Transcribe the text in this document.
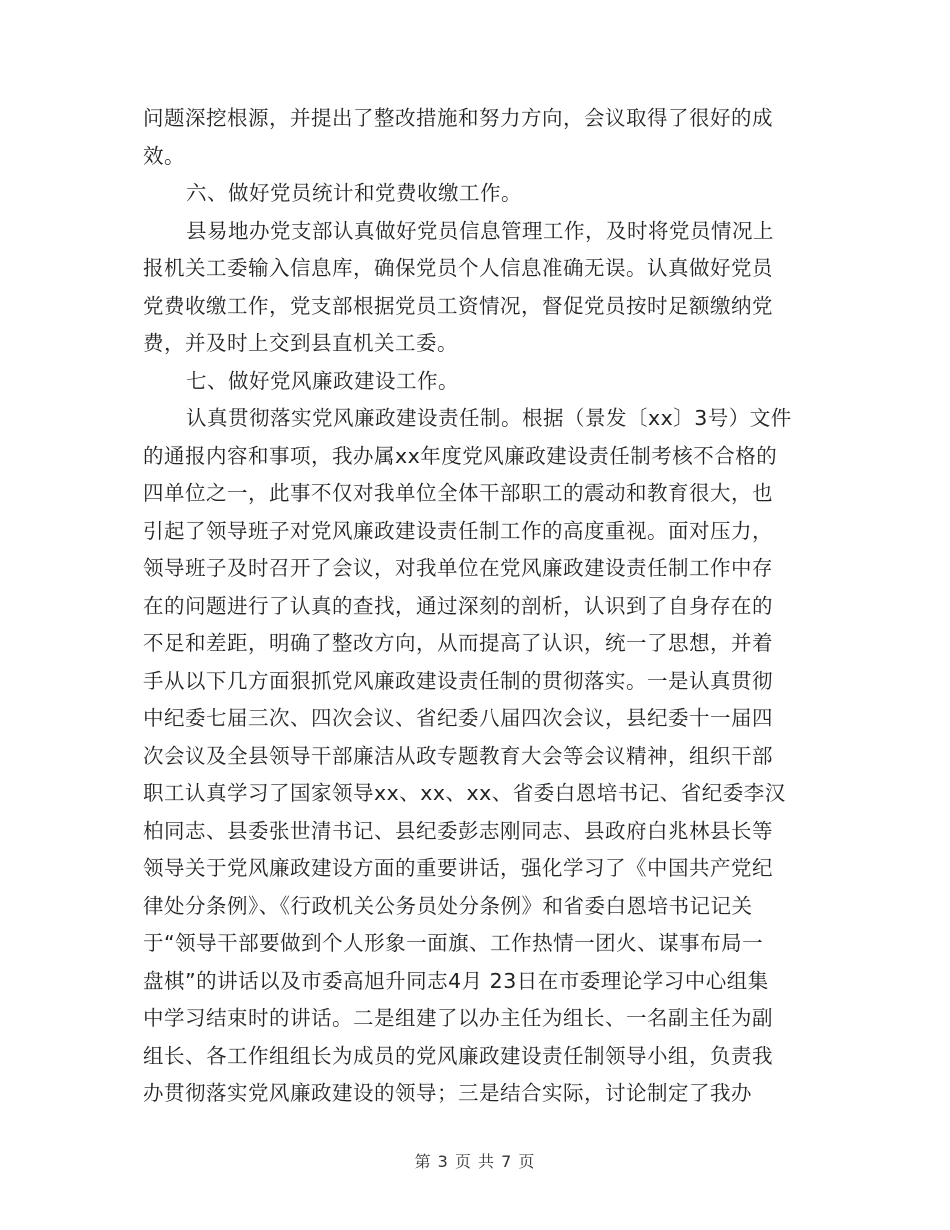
问题深挖根源，并提出了整改措施和努力方向，会议取得了很好的成
效。
六、做好党员统计和党费收缴工作。
县易地办党支部认真做好党员信息管理工作，及时将党员情况上
报机关工委输入信息库，确保党员个人信息准确无误。认真做好党员
党费收缴工作，党支部根据党员工资情况，督促党员按时足额缴纳党
费，并及时上交到县直机关工委。
七、做好党风廉政建设工作。
认真贯彻落实党风廉政建设责任制。根据（景发〔xx〕3号）文件
的通报内容和事项，我办属xx年度党风廉政建设责任制考核不合格的
四单位之一，此事不仅对我单位全体干部职工的震动和教育很大，也
引起了领导班子对党风廉政建设责任制工作的高度重视。面对压力，
领导班子及时召开了会议，对我单位在党风廉政建设责任制工作中存
在的问题进行了认真的查找，通过深刻的剖析，认识到了自身存在的
不足和差距，明确了整改方向，从而提高了认识，统一了思想，并着
手从以下几方面狠抓党风廉政建设责任制的贯彻落实。一是认真贯彻
中纪委七届三次、四次会议、省纪委八届四次会议，县纪委十一届四
次会议及全县领导干部廉洁从政专题教育大会等会议精神，组织干部
职工认真学习了国家领导xx、xx、xx、省委白恩培书记、省纪委李汉
柏同志、县委张世清书记、县纪委彭志刚同志、县政府白兆林县长等
领导关于党风廉政建设方面的重要讲话，强化学习了《中国共产党纪
律处分条例》、《行政机关公务员处分条例》和省委白恩培书记记关
于“领导干部要做到个人形象一面旗、工作热情一团火、谋事布局一
盘棋”的讲话以及市委高旭升同志4月 23日在市委理论学习中心组集
中学习结束时的讲话。二是组建了以办主任为组长、一名副主任为副
组长、各工作组组长为成员的党风廉政建设责任制领导小组，负责我
办贯彻落实党风廉政建设的领导；三是结合实际，讨论制定了我办
第 3 页 共 7 页
